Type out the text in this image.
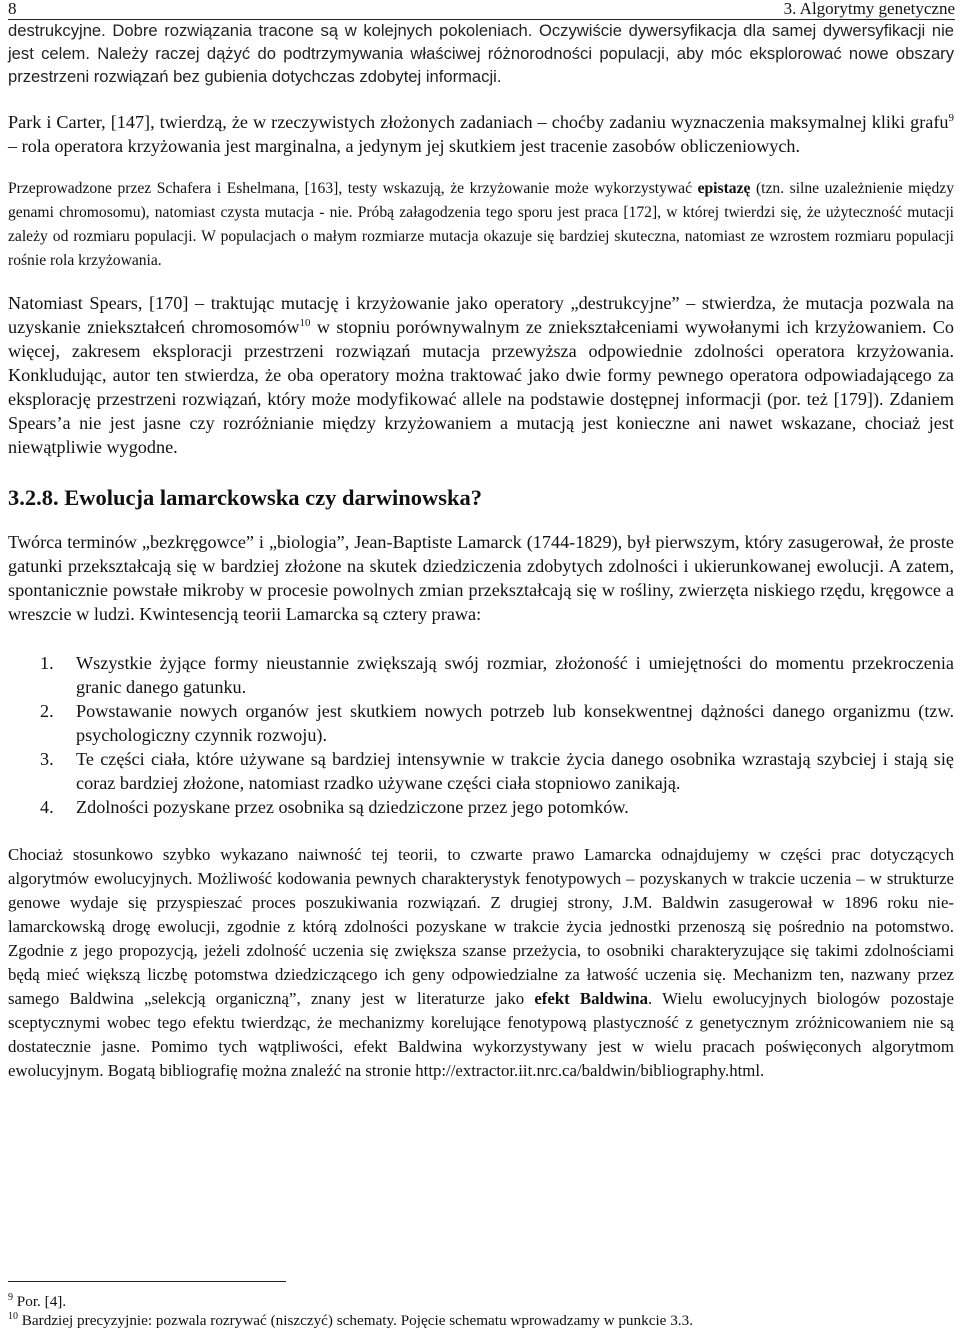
8	3. Algorytmy genetyczne

destrukcyjne. Dobre rozwiązania tracone są w kolejnych pokoleniach. Oczywiście dywersyfikacja dla samej dywersyfikacji nie jest celem. Należy raczej dążyć do podtrzymywania właściwej różnorodności populacji, aby móc eksplorować nowe obszary przestrzeni rozwiązań bez gubienia dotychczas zdobytej informacji.

Park i Carter, [147], twierdzą, że w rzeczywistych złożonych zadaniach – choćby zadaniu wyznaczenia maksymalnej kliki grafu$^9$ – rola operatora krzyżowania jest marginalna, a jedynym jej skutkiem jest tracenie zasobów obliczeniowych.

Przeprowadzone przez Schafera i Eshelmana, [163], testy wskazują, że krzyżowanie może wykorzystywać epistazę (tzn. silne uzależnienie między genami chromosomu), natomiast czysta mutacja - nie. Próbą załagodzenia tego sporu jest praca [172], w której twierdzi się, że użyteczność mutacji zależy od rozmiaru populacji. W populacjach o małym rozmiarze mutacja okazuje się bardziej skuteczna, natomiast ze wzrostem rozmiaru populacji rośnie rola krzyżowania.

Natomiast Spears, [170] – traktując mutację i krzyżowanie jako operatory „destrukcyjne” – stwierdza, że mutacja pozwala na uzyskanie zniekształceń chromosomów$^{10}$ w stopniu porównywalnym ze zniekształceniami wywołanymi ich krzyżowaniem. Co więcej, zakresem eksploracji przestrzeni rozwiązań mutacja przewyższa odpowiednie zdolności operatora krzyżowania. Konkludując, autor ten stwierdza, że oba operatory można traktować jako dwie formy pewnego operatora odpowiadającego za eksplorację przestrzeni rozwiązań, który może modyfikować allele na podstawie dostępnej informacji (por. też [179]). Zdaniem Spears’a nie jest jasne czy rozróżnianie między krzyżowaniem a mutacją jest konieczne ani nawet wskazane, chociaż jest niewątpliwie wygodne.

3.2.8. Ewolucja lamarckowska czy darwinowska?

Twórca terminów „bezkręgowce” i „biologia”, Jean-Baptiste Lamarck (1744-1829), był pierwszym, który zasugerował, że proste gatunki przekształcają się w bardziej złożone na skutek dziedziczenia zdobytych zdolności i ukierunkowanej ewolucji. A zatem, spontanicznie powstałe mikroby w procesie powolnych zmian przekształcają się w rośliny, zwierzęta niskiego rzędu, kręgowce a wreszcie w ludzi. Kwintesencją teorii Lamarcka są cztery prawa:

1. Wszystkie żyjące formy nieustannie zwiększają swój rozmiar, złożoność i umiejętności do momentu przekroczenia granic danego gatunku.
2. Powstawanie nowych organów jest skutkiem nowych potrzeb lub konsekwentnej dążności danego organizmu (tzw. psychologiczny czynnik rozwoju).
3. Te części ciała, które używane są bardziej intensywnie w trakcie życia danego osobnika wzrastają szybciej i stają się coraz bardziej złożone, natomiast rzadko używane części ciała stopniowo zanikają.
4. Zdolności pozyskane przez osobnika są dziedziczone przez jego potomków.

Chociaż stosunkowo szybko wykazano naiwność tej teorii, to czwarte prawo Lamarcka odnajdujemy w części prac dotyczących algorytmów ewolucyjnych. Możliwość kodowania pewnych charakterystyk fenotypowych – pozyskanych w trakcie uczenia – w strukturze genowe wydaje się przyspieszać proces poszukiwania rozwiązań. Z drugiej strony, J.M. Baldwin zasugerował w 1896 roku nie-lamarckowską drogę ewolucji, zgodnie z którą zdolności pozyskane w trakcie życia jednostki przenoszą się pośrednio na potomstwo. Zgodnie z jego propozycją, jeżeli zdolność uczenia się zwiększa szanse przeżycia, to osobniki charakteryzujące się takimi zdolnościami będą mieć większą liczbę potomstwa dziedziczącego ich geny odpowiedzialne za łatwość uczenia się. Mechanizm ten, nazwany przez samego Baldwina „selekcją organiczną”, znany jest w literaturze jako efekt Baldwina. Wielu ewolucyjnych biologów pozostaje sceptycznymi wobec tego efektu twierdząc, że mechanizmy korelujące fenotypową plastyczność z genetycznym zróżnicowaniem nie są dostatecznie jasne. Pomimo tych wątpliwości, efekt Baldwina wykorzystywany jest w wielu pracach poświęconych algorytmom ewolucyjnym. Bogatą bibliografię można znaleźć na stronie http://extractor.iit.nrc.ca/baldwin/bibliography.html.

$^9$ Por. [4].
$^{10}$ Bardziej precyzyjnie: pozwala rozrywać (niszczyć) schematy. Pojęcie schematu wprowadzamy w punkcie 3.3.
